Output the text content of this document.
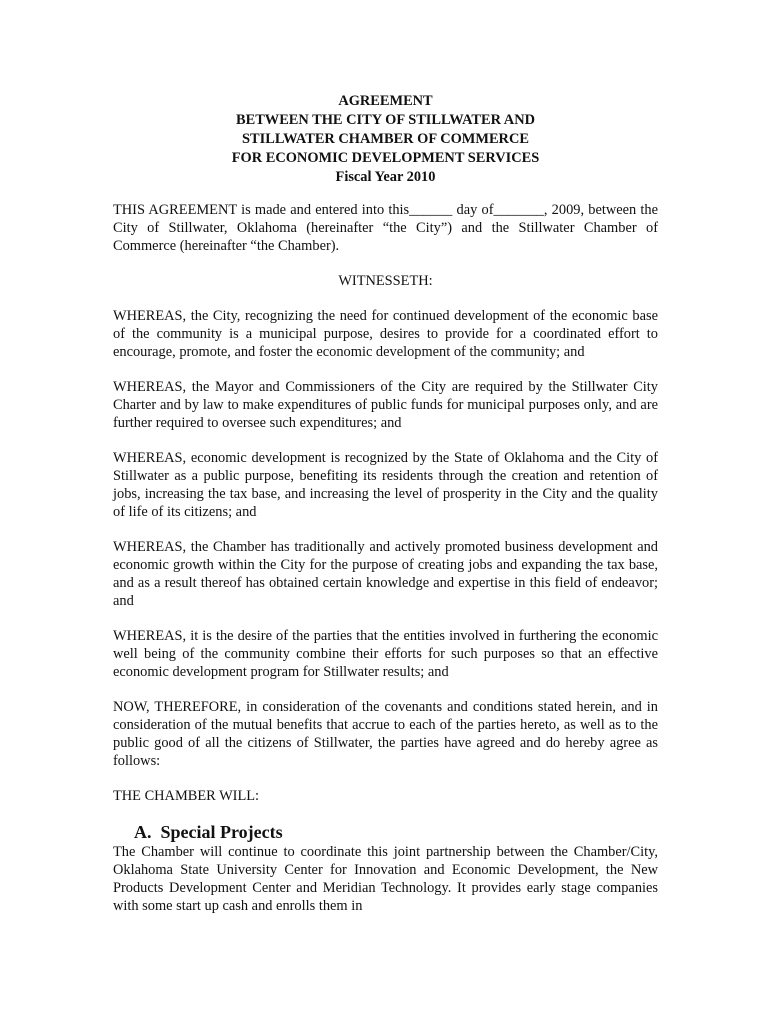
AGREEMENT
BETWEEN THE CITY OF STILLWATER AND
STILLWATER CHAMBER OF COMMERCE
FOR ECONOMIC DEVELOPMENT SERVICES
Fiscal Year 2010

THIS AGREEMENT is made and entered into this______ day of_______, 2009, between the City of Stillwater, Oklahoma (hereinafter “the City”) and the Stillwater Chamber of Commerce (hereinafter “the Chamber).

WITNESSETH:

WHEREAS, the City, recognizing the need for continued development of the economic base of the community is a municipal purpose, desires to provide for a coordinated effort to encourage, promote, and foster the economic development of the community; and

WHEREAS, the Mayor and Commissioners of the City are required by the Stillwater City Charter and by law to make expenditures of public funds for municipal purposes only, and are further required to oversee such expenditures; and

WHEREAS, economic development is recognized by the State of Oklahoma and the City of Stillwater as a public purpose, benefiting its residents through the creation and retention of jobs, increasing the tax base, and increasing the level of prosperity in the City and the quality of life of its citizens; and

WHEREAS, the Chamber has traditionally and actively promoted business development and economic growth within the City for the purpose of creating jobs and expanding the tax base, and as a result thereof has obtained certain knowledge and expertise in this field of endeavor; and

WHEREAS, it is the desire of the parties that the entities involved in furthering the economic well being of the community combine their efforts for such purposes so that an effective economic development program for Stillwater results; and

NOW, THEREFORE, in consideration of the covenants and conditions stated herein, and in consideration of the mutual benefits that accrue to each of the parties hereto, as well as to the public good of all the citizens of Stillwater, the parties have agreed and do hereby agree as follows:

THE CHAMBER WILL:

A.  Special Projects

The Chamber will continue to coordinate this joint partnership between the Chamber/City, Oklahoma State University Center for Innovation and Economic Development, the New Products Development Center and Meridian Technology. It provides early stage companies with some start up cash and enrolls them in
